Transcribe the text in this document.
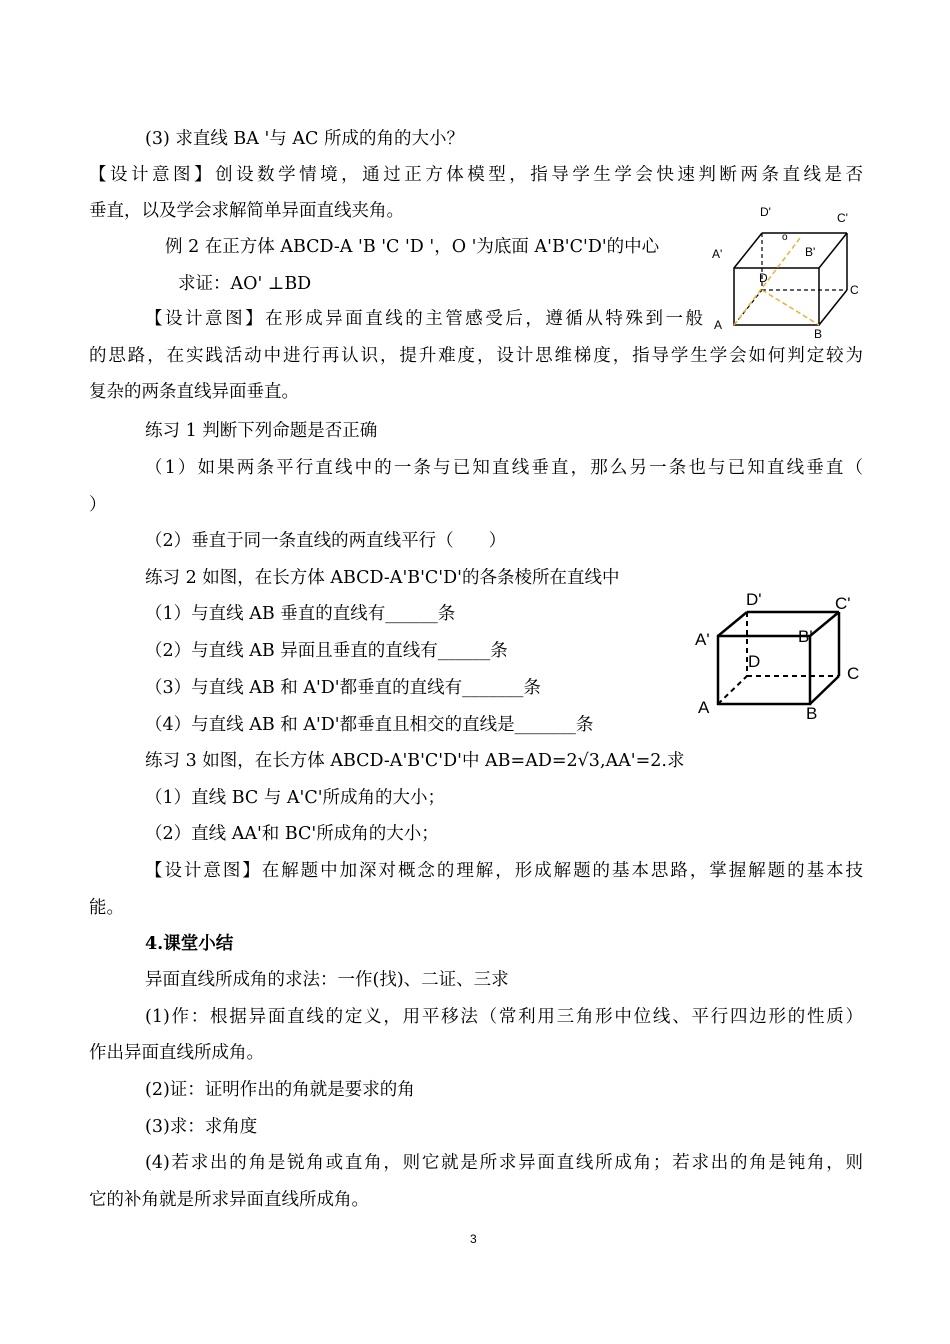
(3) 求直线 BA '与 AC 所成的角的大小？
【设计意图】创设数学情境，通过正方体模型，指导学生学会快速判断两条直线是否
垂直，以及学会求解简单异面直线夹角。
例 2 在正方体 ABCD-A 'B 'C 'D '，O '为底面 A'B'C'D'的中心
求证：AO' ⊥BD
【设计意图】在形成异面直线的主管感受后，遵循从特殊到一般
的思路，在实践活动中进行再认识，提升难度，设计思维梯度，指导学生学会如何判定较为
复杂的两条直线异面垂直。
练习 1 判断下列命题是否正确
（1）如果两条平行直线中的一条与已知直线垂直，那么另一条也与已知直线垂直（
）
（2）垂直于同一条直线的两直线平行（　　）
练习 2 如图，在长方体 ABCD-A'B'C'D'的各条棱所在直线中
（1）与直线 AB 垂直的直线有______条
（2）与直线 AB 异面且垂直的直线有______条
（3）与直线 AB 和 A'D'都垂直的直线有_______条
（4）与直线 AB 和 A'D'都垂直且相交的直线是_______条
练习 3 如图，在长方体 ABCD-A'B'C'D'中 AB=AD=2√3,AA'=2.求
（1）直线 BC 与 A'C'所成角的大小；
（2）直线 AA'和 BC'所成角的大小；
【设计意图】在解题中加深对概念的理解，形成解题的基本思路，掌握解题的基本技
能。
4.课堂小结
异面直线所成角的求法：一作(找)、二证、三求
(1)作：根据异面直线的定义，用平移法（常利用三角形中位线、平行四边形的性质）
作出异面直线所成角。
(2)证：证明作出的角就是要求的角
(3)求：求角度
(4)若求出的角是锐角或直角，则它就是所求异面直线所成角；若求出的角是钝角，则
它的补角就是所求异面直线所成角。
D'	C'
A'	B'
o
D
C
A
B
D'	C'
A'	B'
D
C
A	B
3
